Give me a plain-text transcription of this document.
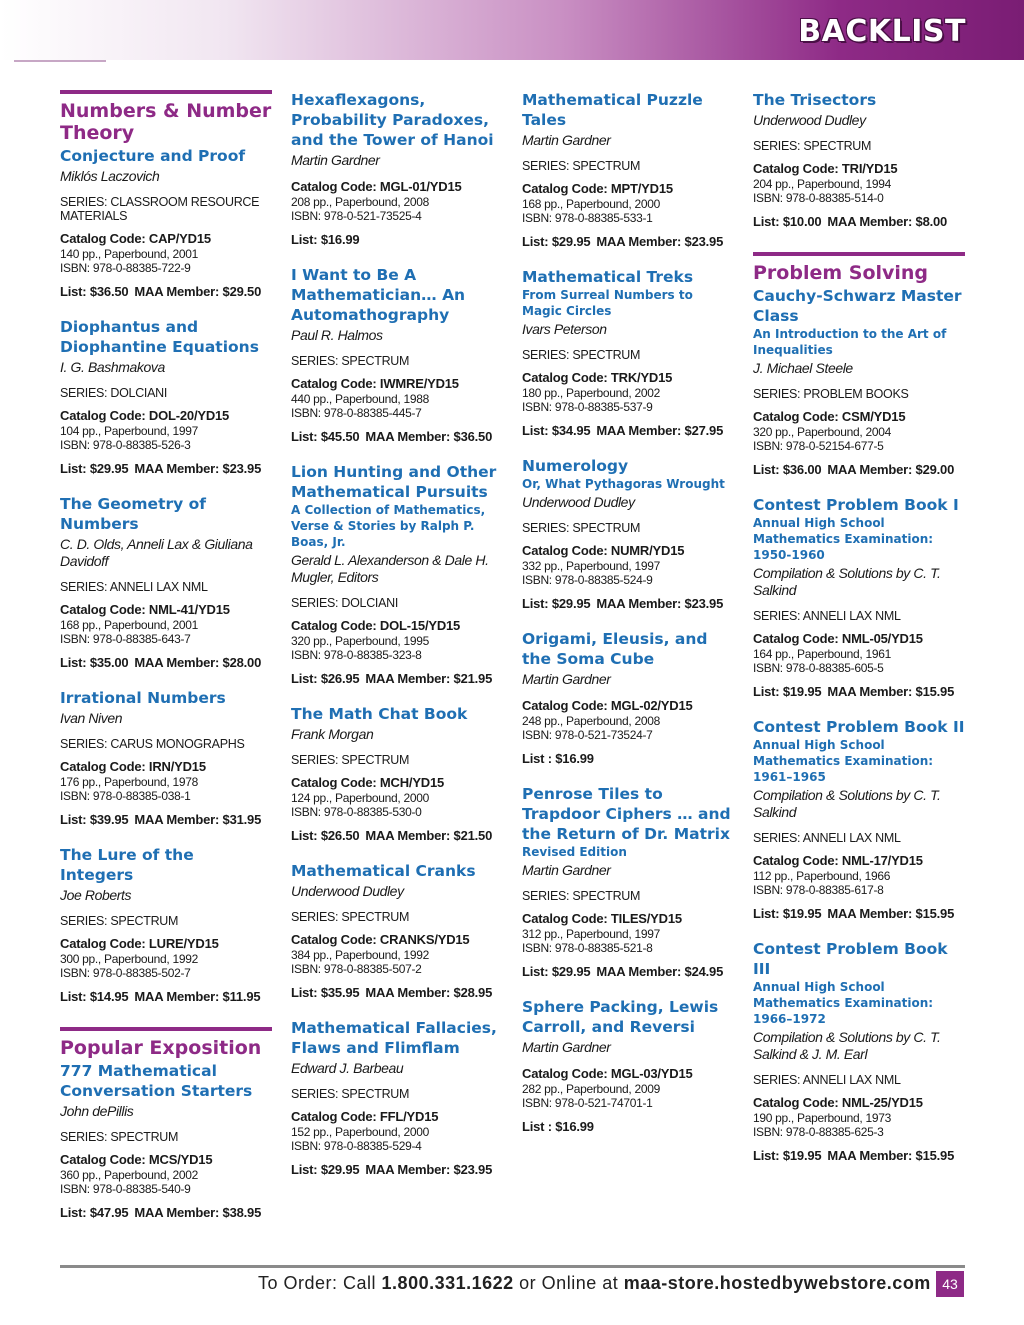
BACKLIST
Numbers & Number Theory
Conjecture and Proof
Miklós Laczovich
SERIES: CLASSROOM RESOURCE MATERIALS
Catalog Code: CAP/YD15
140 pp., Paperbound, 2001
ISBN: 978-0-88385-722-9
List: $36.50 MAA Member: $29.50
Diophantus and Diophantine Equations
I. G. Bashmakova
SERIES: DOLCIANI
Catalog Code: DOL-20/YD15
104 pp., Paperbound, 1997
ISBN: 978-0-88385-526-3
List: $29.95 MAA Member: $23.95
The Geometry of Numbers
C. D. Olds, Anneli Lax & Giuliana Davidoff
SERIES: ANNELI LAX NML
Catalog Code: NML-41/YD15
168 pp., Paperbound, 2001
ISBN: 978-0-88385-643-7
List: $35.00 MAA Member: $28.00
Irrational Numbers
Ivan Niven
SERIES: CARUS MONOGRAPHS
Catalog Code: IRN/YD15
176 pp., Paperbound, 1978
ISBN: 978-0-88385-038-1
List: $39.95 MAA Member: $31.95
The Lure of the Integers
Joe Roberts
SERIES: SPECTRUM
Catalog Code: LURE/YD15
300 pp., Paperbound, 1992
ISBN: 978-0-88385-502-7
List: $14.95 MAA Member: $11.95
Popular Exposition
777 Mathematical Conversation Starters
John dePillis
SERIES: SPECTRUM
Catalog Code: MCS/YD15
360 pp., Paperbound, 2002
ISBN: 978-0-88385-540-9
List: $47.95 MAA Member: $38.95
Hexaflexagons, Probability Paradoxes, and the Tower of Hanoi
Martin Gardner
Catalog Code: MGL-01/YD15
208 pp., Paperbound, 2008
ISBN: 978-0-521-73525-4
List: $16.99
I Want to Be A Mathematician… An Automathography
Paul R. Halmos
SERIES: SPECTRUM
Catalog Code: IWMRE/YD15
440 pp., Paperbound, 1988
ISBN: 978-0-88385-445-7
List: $45.50 MAA Member: $36.50
Lion Hunting and Other Mathematical Pursuits
A Collection of Mathematics, Verse & Stories by Ralph P. Boas, Jr.
Gerald L. Alexanderson & Dale H. Mugler, Editors
SERIES: DOLCIANI
Catalog Code: DOL-15/YD15
320 pp., Paperbound, 1995
ISBN: 978-0-88385-323-8
List: $26.95 MAA Member: $21.95
The Math Chat Book
Frank Morgan
SERIES: SPECTRUM
Catalog Code: MCH/YD15
124 pp., Paperbound, 2000
ISBN: 978-0-88385-530-0
List: $26.50 MAA Member: $21.50
Mathematical Cranks
Underwood Dudley
SERIES: SPECTRUM
Catalog Code: CRANKS/YD15
384 pp., Paperbound, 1992
ISBN: 978-0-88385-507-2
List: $35.95 MAA Member: $28.95
Mathematical Fallacies, Flaws and Flimflam
Edward J. Barbeau
SERIES: SPECTRUM
Catalog Code: FFL/YD15
152 pp., Paperbound, 2000
ISBN: 978-0-88385-529-4
List: $29.95 MAA Member: $23.95
Mathematical Puzzle Tales
Martin Gardner
SERIES: SPECTRUM
Catalog Code: MPT/YD15
168 pp., Paperbound, 2000
ISBN: 978-0-88385-533-1
List: $29.95 MAA Member: $23.95
Mathematical Treks
From Surreal Numbers to Magic Circles
Ivars Peterson
SERIES: SPECTRUM
Catalog Code: TRK/YD15
180 pp., Paperbound, 2002
ISBN: 978-0-88385-537-9
List: $34.95 MAA Member: $27.95
Numerology
Or, What Pythagoras Wrought
Underwood Dudley
SERIES: SPECTRUM
Catalog Code: NUMR/YD15
332 pp., Paperbound, 1997
ISBN: 978-0-88385-524-9
List: $29.95 MAA Member: $23.95
Origami, Eleusis, and the Soma Cube
Martin Gardner
Catalog Code: MGL-02/YD15
248 pp., Paperbound, 2008
ISBN: 978-0-521-73524-7
List : $16.99
Penrose Tiles to Trapdoor Ciphers … and the Return of Dr. Matrix
Revised Edition
Martin Gardner
SERIES: SPECTRUM
Catalog Code: TILES/YD15
312 pp., Paperbound, 1997
ISBN: 978-0-88385-521-8
List: $29.95 MAA Member: $24.95
Sphere Packing, Lewis Carroll, and Reversi
Martin Gardner
Catalog Code: MGL-03/YD15
282 pp., Paperbound, 2009
ISBN: 978-0-521-74701-1
List : $16.99
The Trisectors
Underwood Dudley
SERIES: SPECTRUM
Catalog Code: TRI/YD15
204 pp., Paperbound, 1994
ISBN: 978-0-88385-514-0
List: $10.00 MAA Member: $8.00
Problem Solving
Cauchy-Schwarz Master Class
An Introduction to the Art of Inequalities
J. Michael Steele
SERIES: PROBLEM BOOKS
Catalog Code: CSM/YD15
320 pp., Paperbound, 2004
ISBN: 978-0-52154-677-5
List: $36.00 MAA Member: $29.00
Contest Problem Book I
Annual High School Mathematics Examination: 1950-1960
Compilation & Solutions by C. T. Salkind
SERIES: ANNELI LAX NML
Catalog Code: NML-05/YD15
164 pp., Paperbound, 1961
ISBN: 978-0-88385-605-5
List: $19.95 MAA Member: $15.95
Contest Problem Book II
Annual High School Mathematics Examination: 1961–1965
Compilation & Solutions by C. T. Salkind
SERIES: ANNELI LAX NML
Catalog Code: NML-17/YD15
112 pp., Paperbound, 1966
ISBN: 978-0-88385-617-8
List: $19.95 MAA Member: $15.95
Contest Problem Book III
Annual High School Mathematics Examination: 1966–1972
Compilation & Solutions by C. T. Salkind & J. M. Earl
SERIES: ANNELI LAX NML
Catalog Code: NML-25/YD15
190 pp., Paperbound, 1973
ISBN: 978-0-88385-625-3
List: $19.95 MAA Member: $15.95
To Order: Call 1.800.331.1622 or Online at maa-store.hostedbywebstore.com 43
